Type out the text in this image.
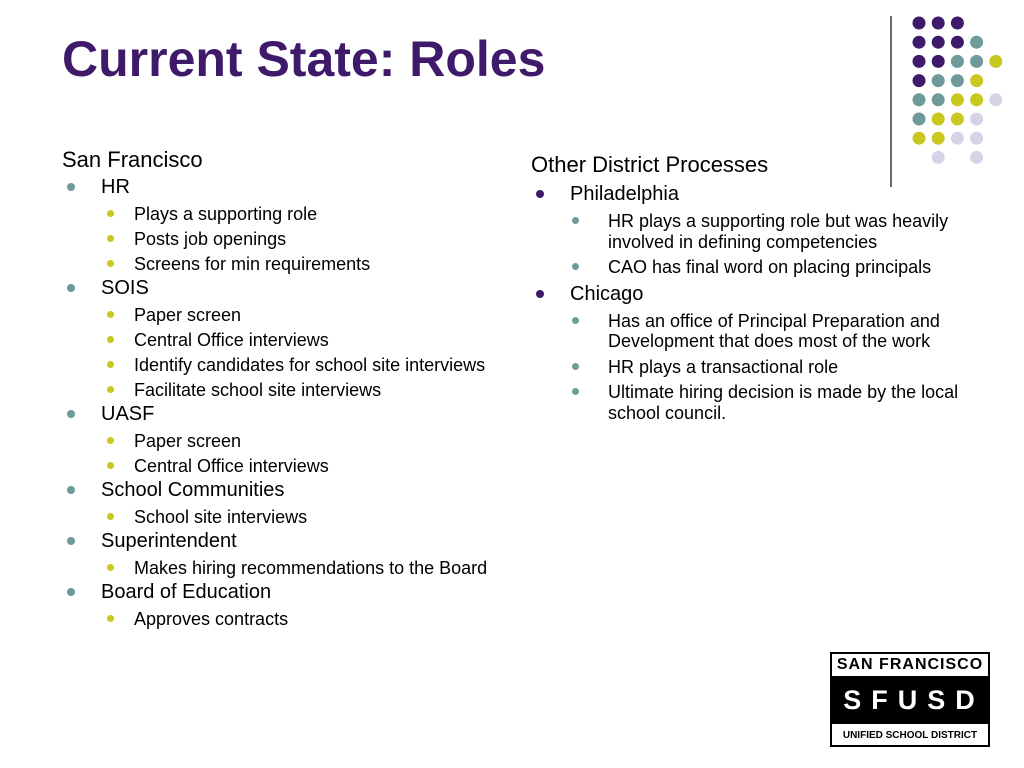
Current State: Roles
San Francisco
HR
Plays a supporting role
Posts job openings
Screens for min requirements
SOIS
Paper screen
Central Office interviews
Identify candidates for school site interviews
Facilitate school site interviews
UASF
Paper screen
Central Office interviews
School Communities
School site interviews
Superintendent
Makes hiring recommendations to the Board
Board of Education
Approves contracts
Other District Processes
Philadelphia
HR plays a supporting role but was heavily involved in defining competencies
CAO has final word on placing principals
Chicago
Has an office of Principal Preparation and Development that does most of the work
HR plays a transactional role
Ultimate hiring decision is made by the local school council.
SAN FRANCISCO
SFUSD
UNIFIED SCHOOL DISTRICT
